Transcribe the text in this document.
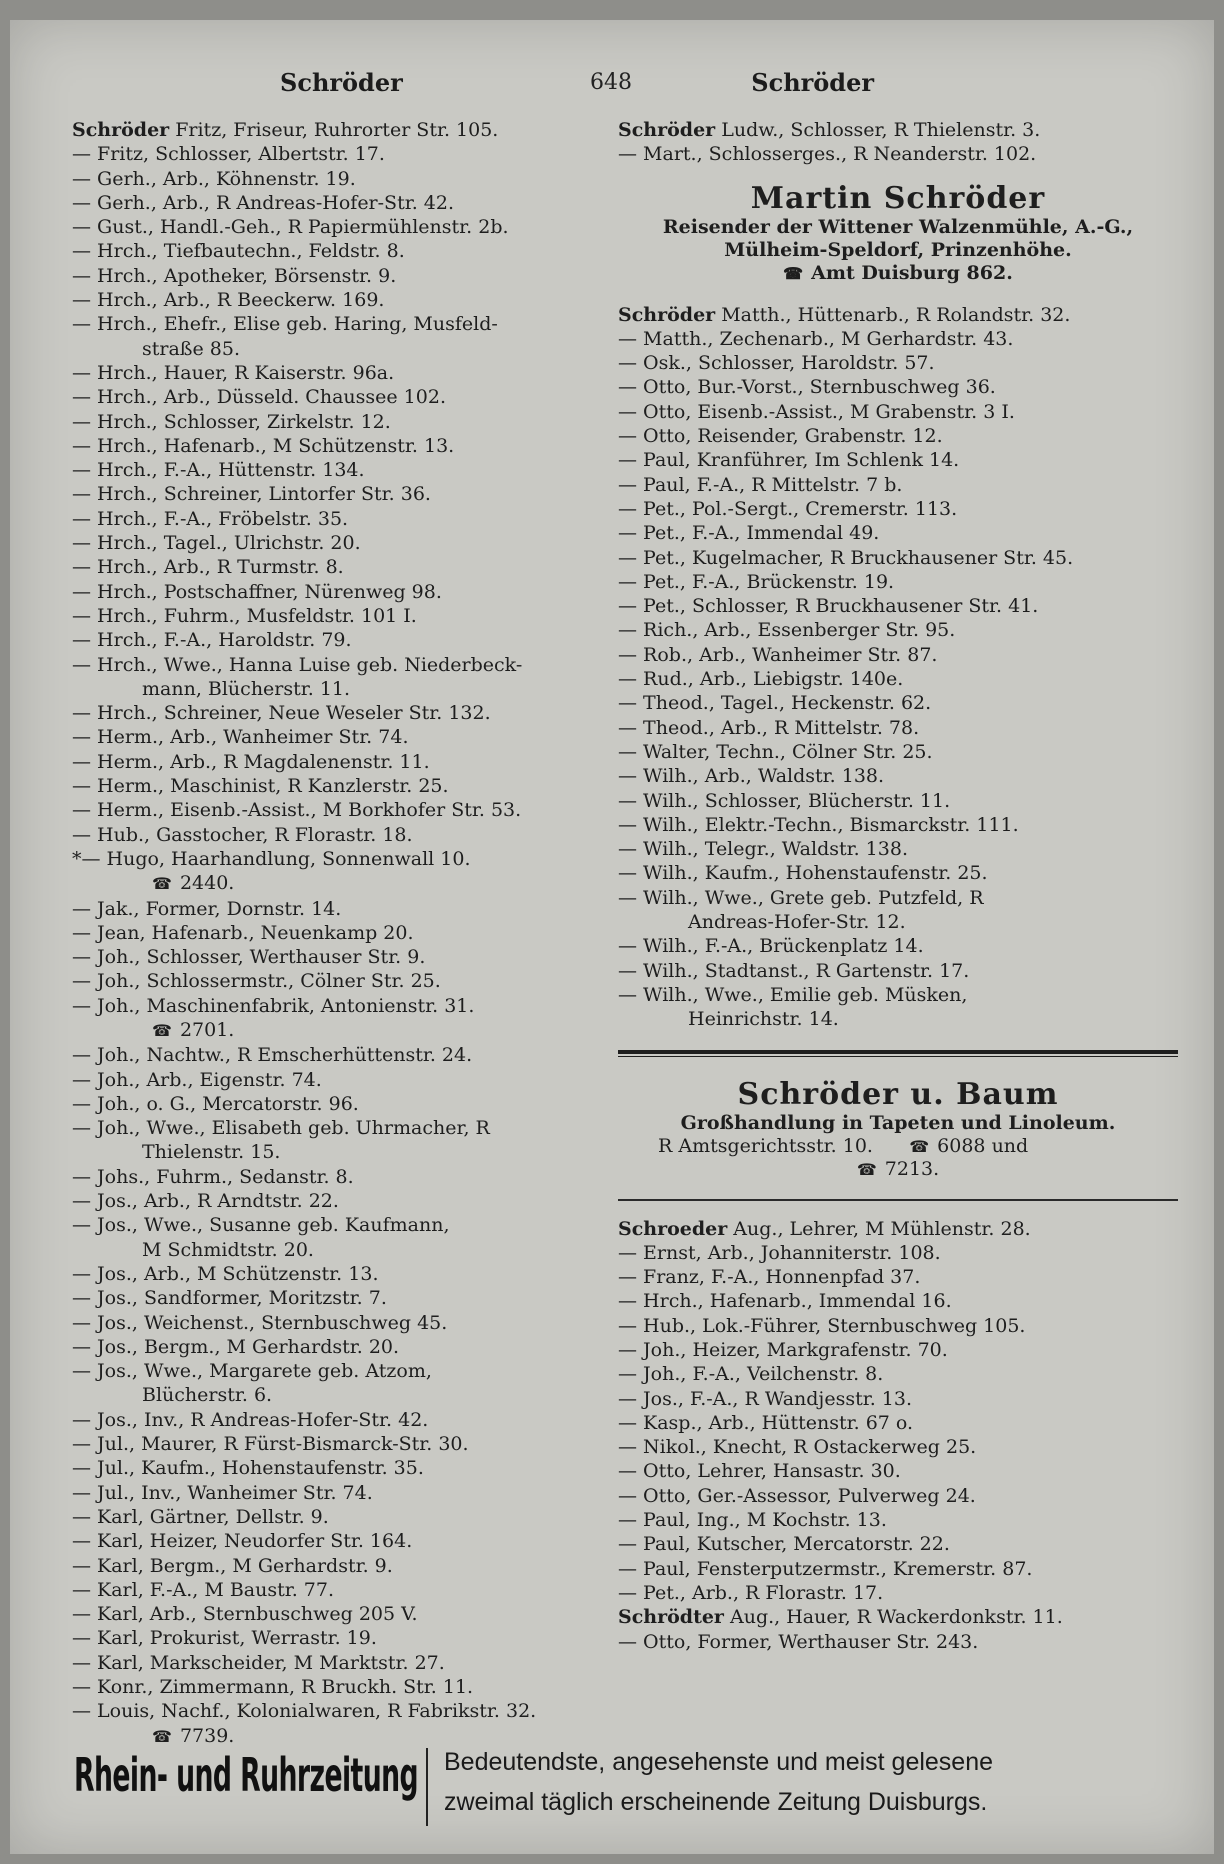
Schröder	648	Schröder
Schröder Fritz, Friseur, Ruhrorter Str. 105.
— Fritz, Schlosser, Albertstr. 17.
— Gerh., Arb., Köhnenstr. 19.
— Gerh., Arb., R Andreas-Hofer-Str. 42.
— Gust., Handl.-Geh., R Papiermühlenstr. 2b.
— Hrch., Tiefbautechn., Feldstr. 8.
— Hrch., Apotheker, Börsenstr. 9.
— Hrch., Arb., R Beeckerw. 169.
— Hrch., Ehefr., Elise geb. Haring, Musfeld-
straße 85.
— Hrch., Hauer, R Kaiserstr. 96a.
— Hrch., Arb., Düsseld. Chaussee 102.
— Hrch., Schlosser, Zirkelstr. 12.
— Hrch., Hafenarb., M Schützenstr. 13.
— Hrch., F.-A., Hüttenstr. 134.
— Hrch., Schreiner, Lintorfer Str. 36.
— Hrch., F.-A., Fröbelstr. 35.
— Hrch., Tagel., Ulrichstr. 20.
— Hrch., Arb., R Turmstr. 8.
— Hrch., Postschaffner, Nürenweg 98.
— Hrch., Fuhrm., Musfeldstr. 101 I.
— Hrch., F.-A., Haroldstr. 79.
— Hrch., Wwe., Hanna Luise geb. Niederbeck-
mann, Blücherstr. 11.
— Hrch., Schreiner, Neue Weseler Str. 132.
— Herm., Arb., Wanheimer Str. 74.
— Herm., Arb., R Magdalenenstr. 11.
— Herm., Maschinist, R Kanzlerstr. 25.
— Herm., Eisenb.-Assist., M Borkhofer Str. 53.
— Hub., Gasstocher, R Florastr. 18.
*— Hugo, Haarhandlung, Sonnenwall 10.
☎ 2440.
— Jak., Former, Dornstr. 14.
— Jean, Hafenarb., Neuenkamp 20.
— Joh., Schlosser, Werthauser Str. 9.
— Joh., Schlossermstr., Cölner Str. 25.
— Joh., Maschinenfabrik, Antonienstr. 31.
☎ 2701.
— Joh., Nachtw., R Emscherhüttenstr. 24.
— Joh., Arb., Eigenstr. 74.
— Joh., o. G., Mercatorstr. 96.
— Joh., Wwe., Elisabeth geb. Uhrmacher, R
Thielenstr. 15.
— Johs., Fuhrm., Sedanstr. 8.
— Jos., Arb., R Arndtstr. 22.
— Jos., Wwe., Susanne geb. Kaufmann,
M Schmidtstr. 20.
— Jos., Arb., M Schützenstr. 13.
— Jos., Sandformer, Moritzstr. 7.
— Jos., Weichenst., Sternbuschweg 45.
— Jos., Bergm., M Gerhardstr. 20.
— Jos., Wwe., Margarete geb. Atzom,
Blücherstr. 6.
— Jos., Inv., R Andreas-Hofer-Str. 42.
— Jul., Maurer, R Fürst-Bismarck-Str. 30.
— Jul., Kaufm., Hohenstaufenstr. 35.
— Jul., Inv., Wanheimer Str. 74.
— Karl, Gärtner, Dellstr. 9.
— Karl, Heizer, Neudorfer Str. 164.
— Karl, Bergm., M Gerhardstr. 9.
— Karl, F.-A., M Baustr. 77.
— Karl, Arb., Sternbuschweg 205 V.
— Karl, Prokurist, Werrastr. 19.
— Karl, Markscheider, M Marktstr. 27.
— Konr., Zimmermann, R Bruckh. Str. 11.
— Louis, Nachf., Kolonialwaren, R Fabrikstr. 32.
☎ 7739.
Schröder Ludw., Schlosser, R Thielenstr. 3.
— Mart., Schlosserges., R Neanderstr. 102.
Martin Schröder
Reisender der Wittener Walzenmühle, A.-G.,
Mülheim-Speldorf, Prinzenhöhe.
☎ Amt Duisburg 862.
Schröder Matth., Hüttenarb., R Rolandstr. 32.
— Matth., Zechenarb., M Gerhardstr. 43.
— Osk., Schlosser, Haroldstr. 57.
— Otto, Bur.-Vorst., Sternbuschweg 36.
— Otto, Eisenb.-Assist., M Grabenstr. 3 I.
— Otto, Reisender, Grabenstr. 12.
— Paul, Kranführer, Im Schlenk 14.
— Paul, F.-A., R Mittelstr. 7 b.
— Pet., Pol.-Sergt., Cremerstr. 113.
— Pet., F.-A., Immendal 49.
— Pet., Kugelmacher, R Bruckhausener Str. 45.
— Pet., F.-A., Brückenstr. 19.
— Pet., Schlosser, R Bruckhausener Str. 41.
— Rich., Arb., Essenberger Str. 95.
— Rob., Arb., Wanheimer Str. 87.
— Rud., Arb., Liebigstr. 140e.
— Theod., Tagel., Heckenstr. 62.
— Theod., Arb., R Mittelstr. 78.
— Walter, Techn., Cölner Str. 25.
— Wilh., Arb., Waldstr. 138.
— Wilh., Schlosser, Blücherstr. 11.
— Wilh., Elektr.-Techn., Bismarckstr. 111.
— Wilh., Telegr., Waldstr. 138.
— Wilh., Kaufm., Hohenstaufenstr. 25.
— Wilh., Wwe., Grete geb. Putzfeld, R
Andreas-Hofer-Str. 12.
— Wilh., F.-A., Brückenplatz 14.
— Wilh., Stadtanst., R Gartenstr. 17.
— Wilh., Wwe., Emilie geb. Müsken,
Heinrichstr. 14.
Schröder u. Baum
Großhandlung in Tapeten und Linoleum.
R Amtsgerichtsstr. 10. ☎ 6088 und
☎ 7213.
Schroeder Aug., Lehrer, M Mühlenstr. 28.
— Ernst, Arb., Johanniterstr. 108.
— Franz, F.-A., Honnenpfad 37.
— Hrch., Hafenarb., Immendal 16.
— Hub., Lok.-Führer, Sternbuschweg 105.
— Joh., Heizer, Markgrafenstr. 70.
— Joh., F.-A., Veilchenstr. 8.
— Jos., F.-A., R Wandjesstr. 13.
— Kasp., Arb., Hüttenstr. 67 o.
— Nikol., Knecht, R Ostackerweg 25.
— Otto, Lehrer, Hansastr. 30.
— Otto, Ger.-Assessor, Pulverweg 24.
— Paul, Ing., M Kochstr. 13.
— Paul, Kutscher, Mercatorstr. 22.
— Paul, Fensterputzermstr., Kremerstr. 87.
— Pet., Arb., R Florastr. 17.
Schrödter Aug., Hauer, R Wackerdonkstr. 11.
— Otto, Former, Werthauser Str. 243.
Rhein- und Ruhrzeitung Bedeutendste, angesehenste und meist gelesene
zweimal täglich erscheinende Zeitung Duisburgs.
